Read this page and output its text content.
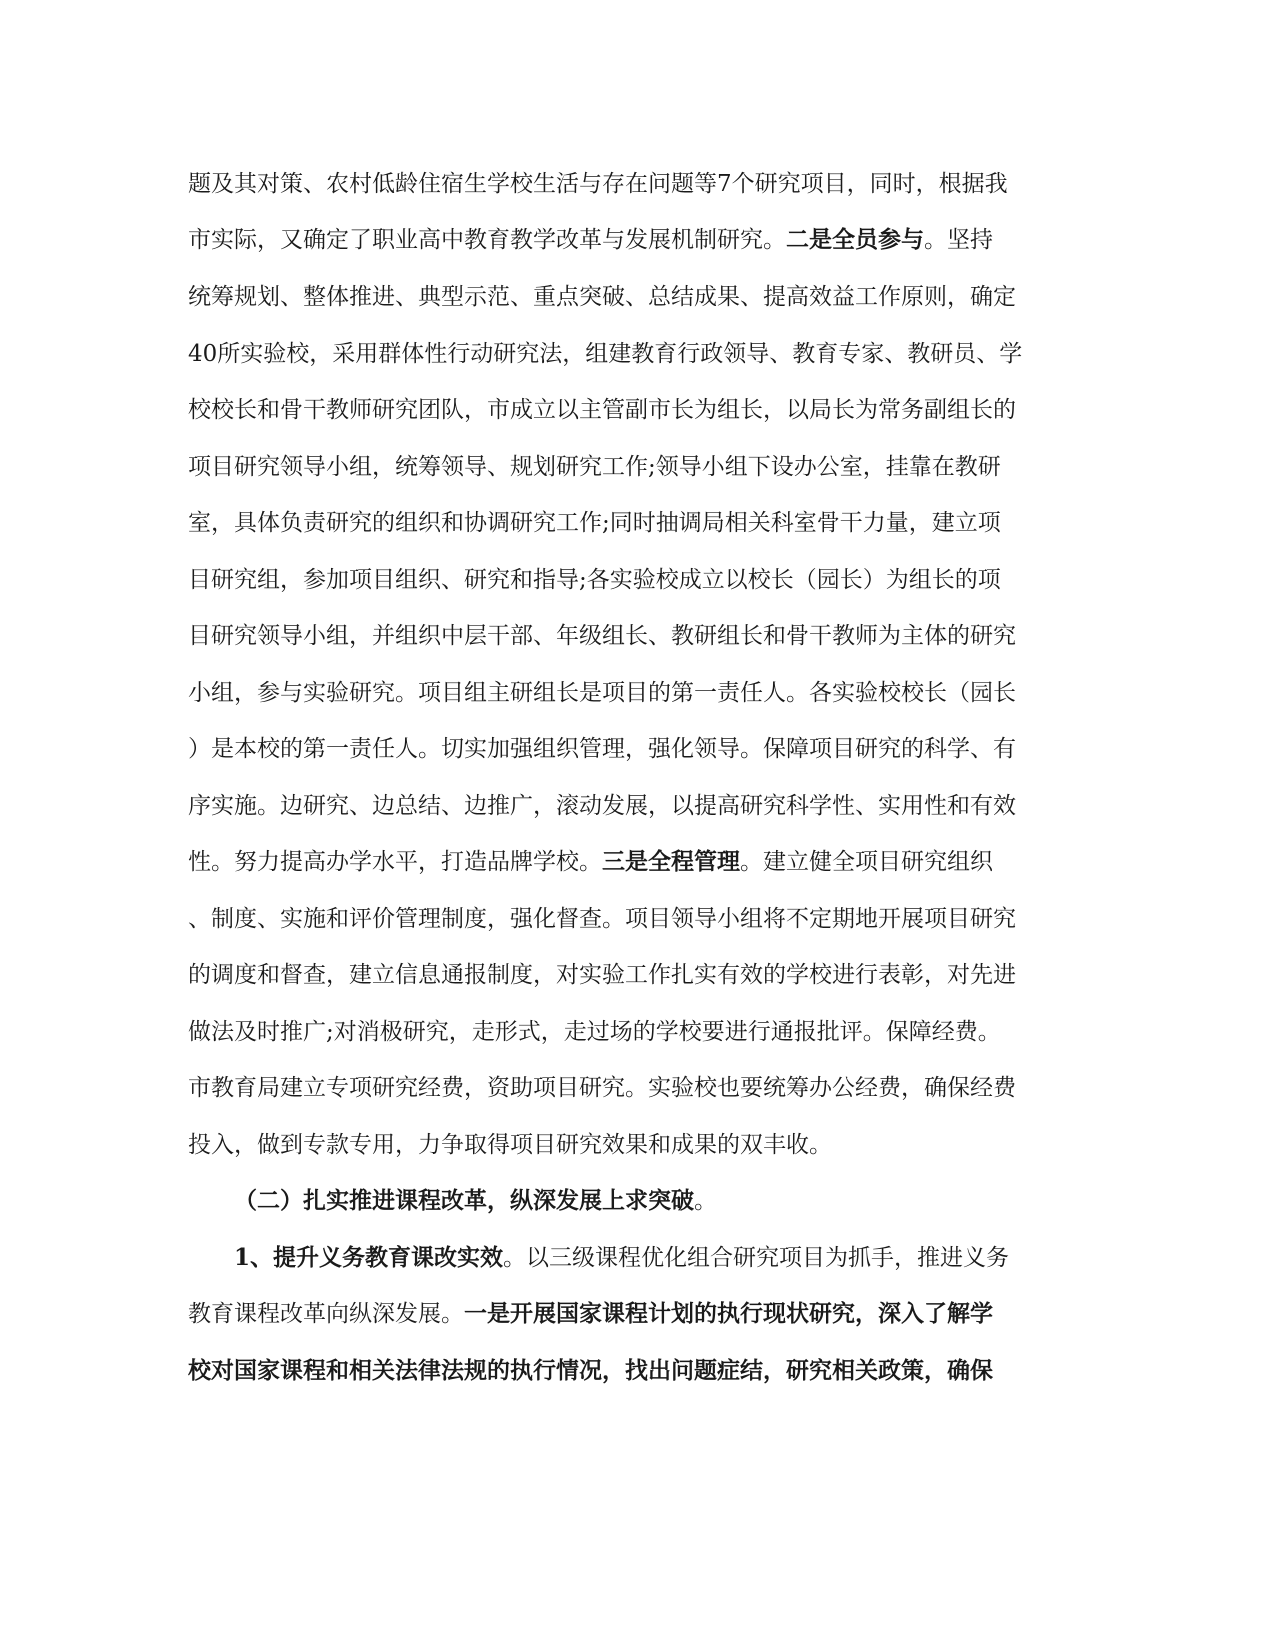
题及其对策、农村低龄住宿生学校生活与存在问题等7个研究项目，同时，根据我
市实际，又确定了职业高中教育教学改革与发展机制研究。二是全员参与。坚持
统筹规划、整体推进、典型示范、重点突破、总结成果、提高效益工作原则，确定
40所实验校，采用群体性行动研究法，组建教育行政领导、教育专家、教研员、学
校校长和骨干教师研究团队，市成立以主管副市长为组长，以局长为常务副组长的
项目研究领导小组，统筹领导、规划研究工作;领导小组下设办公室，挂靠在教研
室，具体负责研究的组织和协调研究工作;同时抽调局相关科室骨干力量，建立项
目研究组，参加项目组织、研究和指导;各实验校成立以校长（园长）为组长的项
目研究领导小组，并组织中层干部、年级组长、教研组长和骨干教师为主体的研究
小组，参与实验研究。项目组主研组长是项目的第一责任人。各实验校校长（园长
）是本校的第一责任人。切实加强组织管理，强化领导。保障项目研究的科学、有
序实施。边研究、边总结、边推广，滚动发展，以提高研究科学性、实用性和有效
性。努力提高办学水平，打造品牌学校。三是全程管理。建立健全项目研究组织
、制度、实施和评价管理制度，强化督查。项目领导小组将不定期地开展项目研究
的调度和督查，建立信息通报制度，对实验工作扎实有效的学校进行表彰，对先进
做法及时推广;对消极研究，走形式，走过场的学校要进行通报批评。保障经费。
市教育局建立专项研究经费，资助项目研究。实验校也要统筹办公经费，确保经费
投入，做到专款专用，力争取得项目研究效果和成果的双丰收。
（二）扎实推进课程改革，纵深发展上求突破。
1、提升义务教育课改实效。以三级课程优化组合研究项目为抓手，推进义务
教育课程改革向纵深发展。一是开展国家课程计划的执行现状研究，深入了解学
校对国家课程和相关法律法规的执行情况，找出问题症结，研究相关政策，确保
